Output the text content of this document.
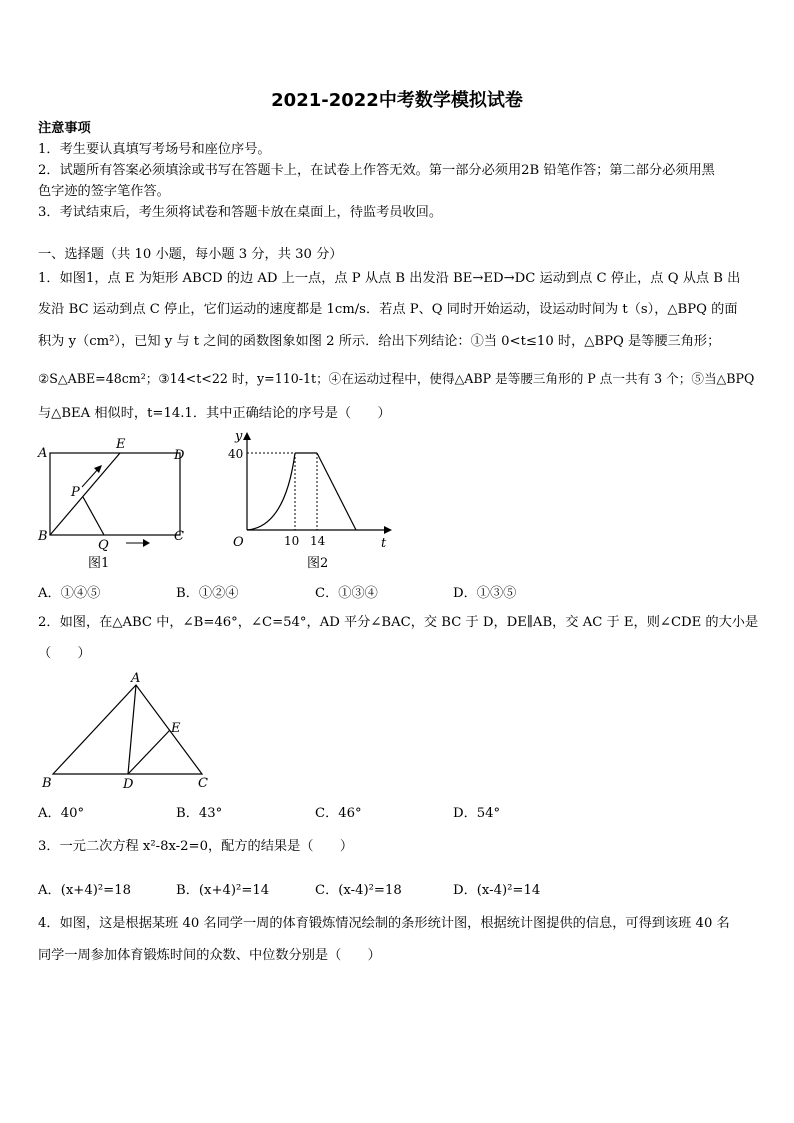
2021-2022中考数学模拟试卷
注意事项
1．考生要认真填写考场号和座位序号。
2．试题所有答案必须填涂或书写在答题卡上，在试卷上作答无效。第一部分必须用2B 铅笔作答；第二部分必须用黑
色字迹的签字笔作答。
3．考试结束后，考生须将试卷和答题卡放在桌面上，待监考员收回。
一、选择题（共 10 小题，每小题 3 分，共 30 分）
1．如图1，点 E 为矩形 ABCD 的边 AD 上一点，点 P 从点 B 出发沿 BE→ED→DC 运动到点 C 停止，点 Q 从点 B 出
发沿 BC 运动到点 C 停止，它们运动的速度都是 1cm/s．若点 P、Q 同时开始运动，设运动时间为 t（s），△BPQ 的面
积为 y（cm²），已知 y 与 t 之间的函数图象如图 2 所示．给出下列结论：①当 0<t≤10 时，△BPQ 是等腰三角形；
②S△ABE=48cm²；③14<t<22 时，y=110-1t；④在运动过程中，使得△ABP 是等腰三角形的 P 点一共有 3 个；⑤当△BPQ
与△BEA 相似时，t=14.1．其中正确结论的序号是（　　）
A
E
D
P
B
Q
C
图1
y
t
O
40
10 14
图2
A．①④⑤	B．①②④	C．①③④	D．①③⑤
2．如图，在△ABC 中，∠B=46°，∠C=54°，AD 平分∠BAC，交 BC 于 D，DE∥AB，交 AC 于 E，则∠CDE 的大小是
（　　）
A
E
B	D	C
A．40°	B．43°	C．46°	D．54°
3．一元二次方程 x²-8x-2=0，配方的结果是（　　）
A．(x+4)²=18	B．(x+4)²=14	C．(x-4)²=18	D．(x-4)²=14
4．如图，这是根据某班 40 名同学一周的体育锻炼情况绘制的条形统计图，根据统计图提供的信息，可得到该班 40 名
同学一周参加体育锻炼时间的众数、中位数分别是（　　）
